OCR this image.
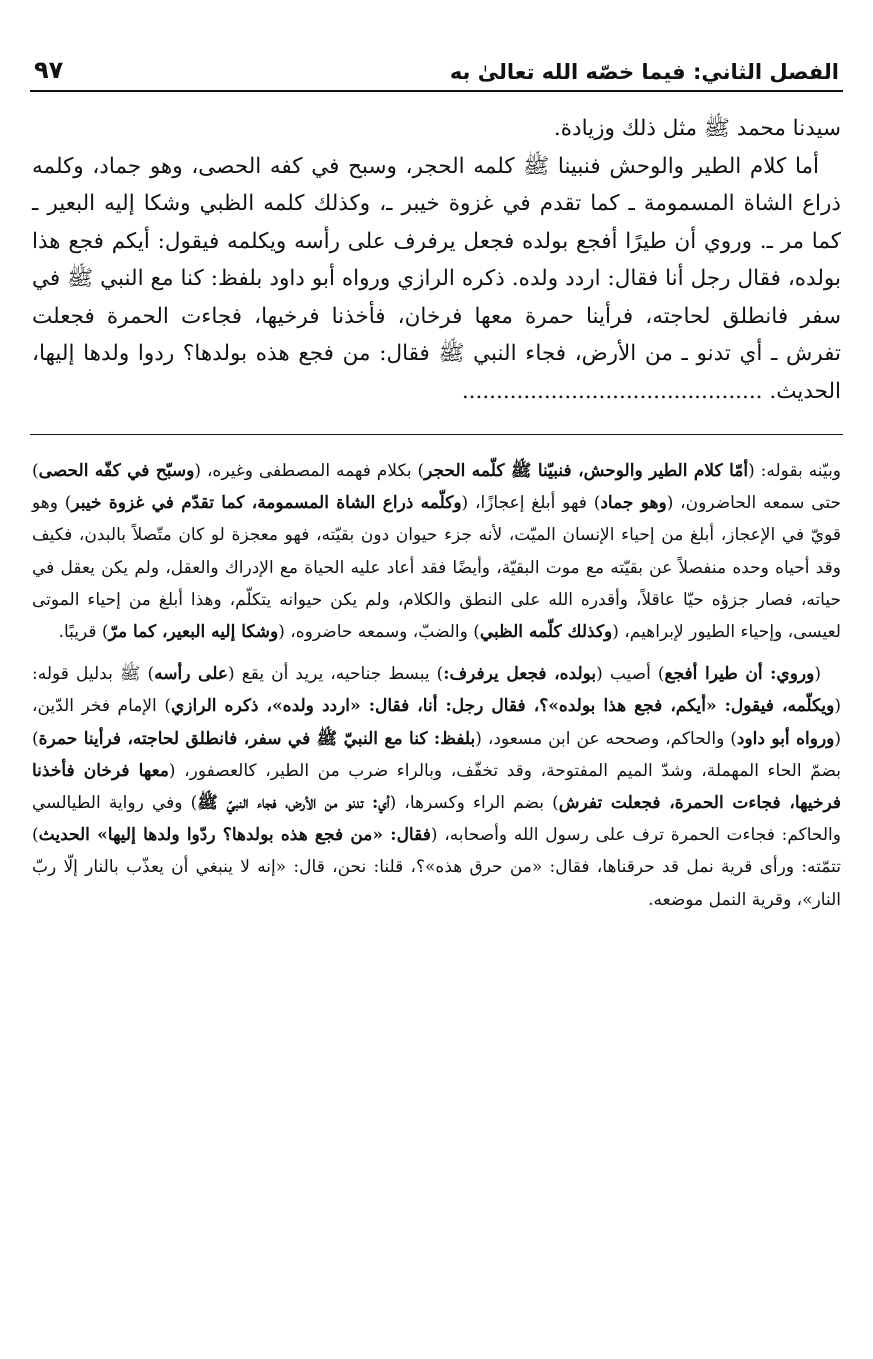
الفصل الثاني: فيما خصّه الله تعالىٰ به
٩٧

سيدنا محمد ﷺ مثل ذلك وزيادة.

أما كلام الطير والوحش فنبينا ﷺ كلمه الحجر، وسبح في كفه الحصى، وهو جماد، وكلمه ذراع الشاة المسمومة ـ كما تقدم في غزوة خيبر ـ، وكذلك كلمه الظبي وشكا إليه البعير ـ كما مر ـ. وروي أن طيرًا أفجع بولده فجعل يرفرف على رأسه ويكلمه فيقول: أيكم فجع هذا بولده، فقال رجل أنا فقال: اردد ولده. ذكره الرازي ورواه أبو داود بلفظ: كنا مع النبي ﷺ في سفر فانطلق لحاجته، فرأينا حمرة معها فرخان، فأخذنا فرخيها، فجاءت الحمرة فجعلت تفرش ـ أي تدنو ـ من الأرض، فجاء النبي ﷺ فقال: من فجع هذه بولدها؟ ردوا ولدها إليها، الحديث. ............................................

وبيّنه بقوله: (أمّا كلام الطير والوحش، فنبيّنا ﷺ كلّمه الحجر) بكلام فهمه المصطفى وغيره، (وسبّح في كفّه الحصى) حتى سمعه الحاضرون، (وهو جماد) فهو أبلغ إعجازًا، (وكلّمه ذراع الشاة المسمومة، كما تقدّم في غزوة خيبر) وهو قويّ في الإعجاز، أبلغ من إحياء الإنسان الميّت، لأنه جزء حيوان دون بقيّته، فهو معجزة لو كان متّصلاً بالبدن، فكيف وقد أحياه وحده منفصلاً عن بقيّته مع موت البقيّة، وأيضًا فقد أعاد عليه الحياة مع الإدراك والعقل، ولم يكن يعقل في حياته، فصار جزؤه حيّا عاقلاً، وأقدره الله على النطق والكلام، ولم يكن حيوانه يتكلّم، وهذا أبلغ من إحياء الموتى لعيسى، وإحياء الطيور لإبراهيم، (وكذلك كلّمه الظبي) والضبّ، وسمعه حاضروه، (وشكا إليه البعير، كما مرّ) قريبًا.

(وروي: أن طيرا أفجع) أصيب (بولده، فجعل يرفرف:) يبسط جناحيه، يريد أن يقع (على رأسه) ﷺ بدليل قوله: (ويكلّمه، فيقول: «أيكم، فجع هذا بولده»؟، فقال رجل: أنا، فقال: «اردد ولده»، ذكره الرازي) الإمام فخر الدّين، (ورواه أبو داود) والحاكم، وصححه عن ابن مسعود، (بلفظ: كنا مع النبيّ ﷺ في سفر، فانطلق لحاجته، فرأينا حمرة) بضمّ الحاء المهملة، وشدّ الميم المفتوحة، وقد تخفّف، وبالراء ضرب من الطير، كالعصفور، (معها فرخان فأخذنا فرخيها، فجاءت الحمرة، فجعلت تفرش) بضم الراء وكسرها، (أي: تدنو من الأرض، فجاء النبيّ ﷺ) وفي رواية الطيالسي والحاكم: فجاءت الحمرة ترف على رسول الله وأصحابه، (فقال: «من فجع هذه بولدها؟ ردّوا ولدها إليها» الحديث) تتمّته: ورأى قرية نمل قد حرقناها، فقال: «من حرق هذه»؟، قلنا: نحن، قال: «إنه لا ينبغي أن يعذّب بالنار إلّا ربّ النار»، وقرية النمل موضعه.
